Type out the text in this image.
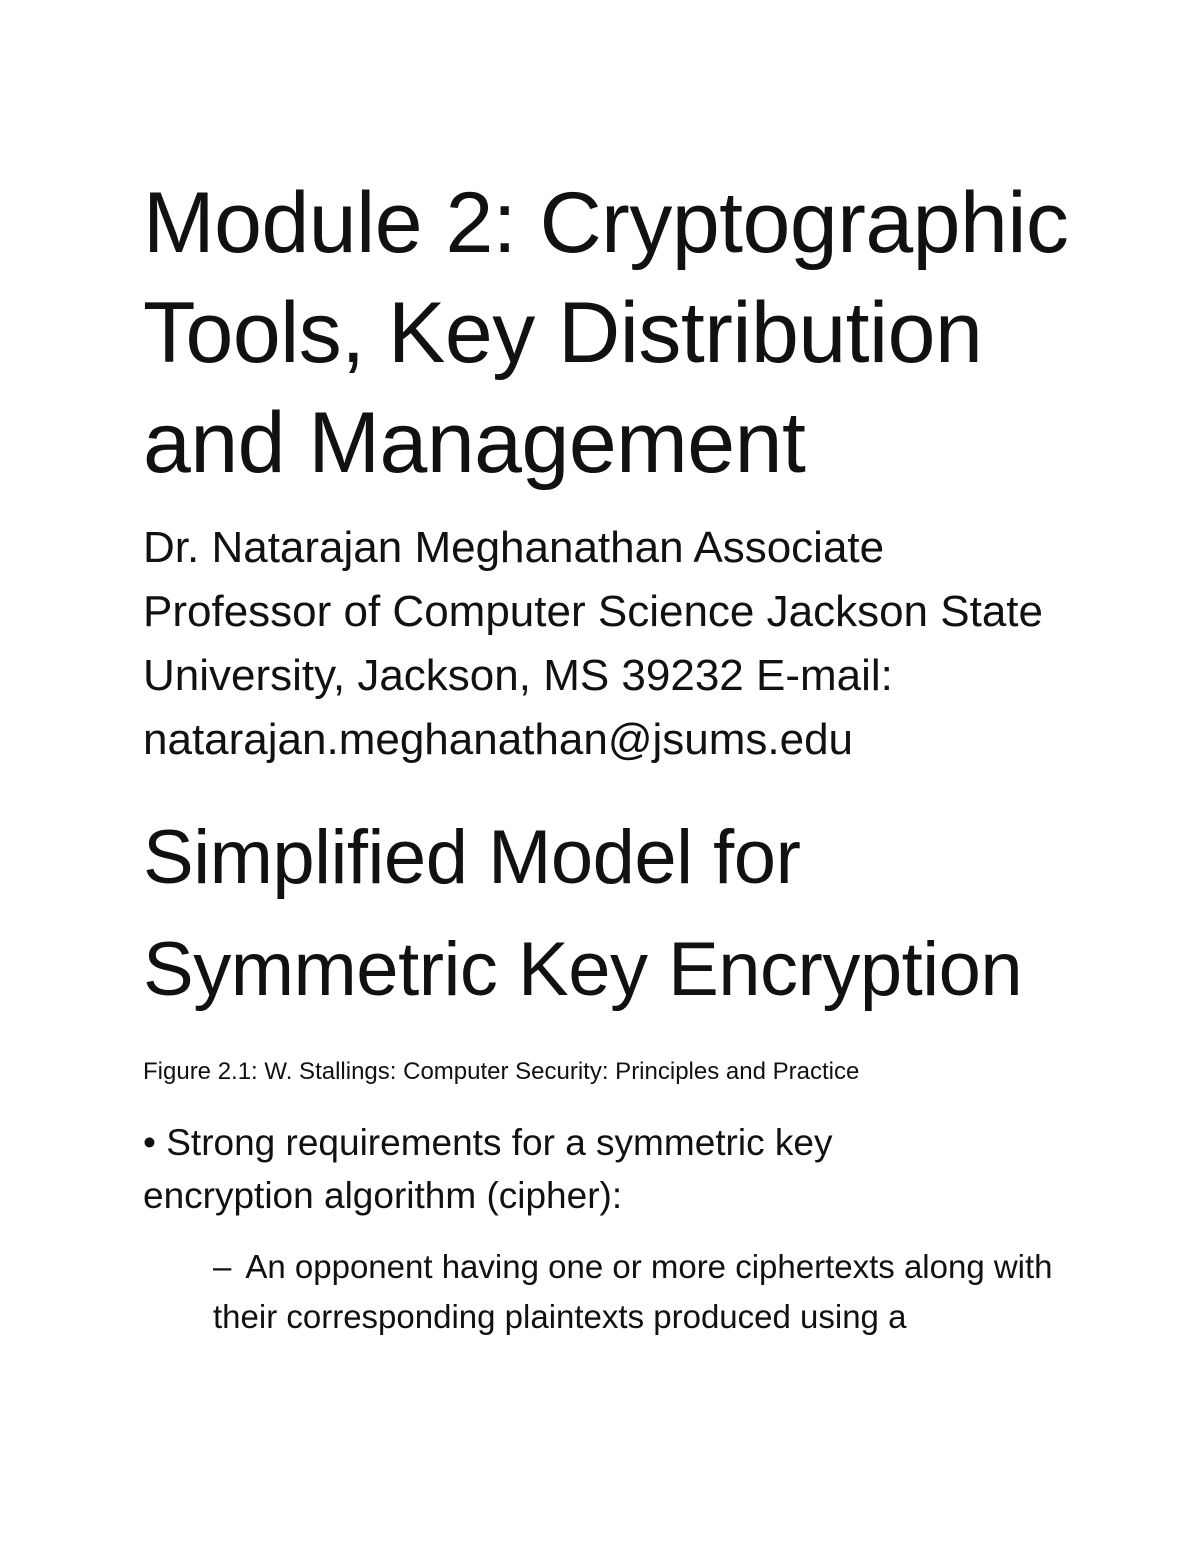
Module 2: Cryptographic Tools, Key Distribution and Management

Dr. Natarajan Meghanathan Associate Professor of Computer Science Jackson State University, Jackson, MS 39232 E-mail: natarajan.meghanathan@jsums.edu

Simplified Model for Symmetric Key Encryption

Figure 2.1: W. Stallings: Computer Security: Principles and Practice

• Strong requirements for a symmetric key encryption algorithm (cipher):

– An opponent having one or more ciphertexts along with their corresponding plaintexts produced using a
